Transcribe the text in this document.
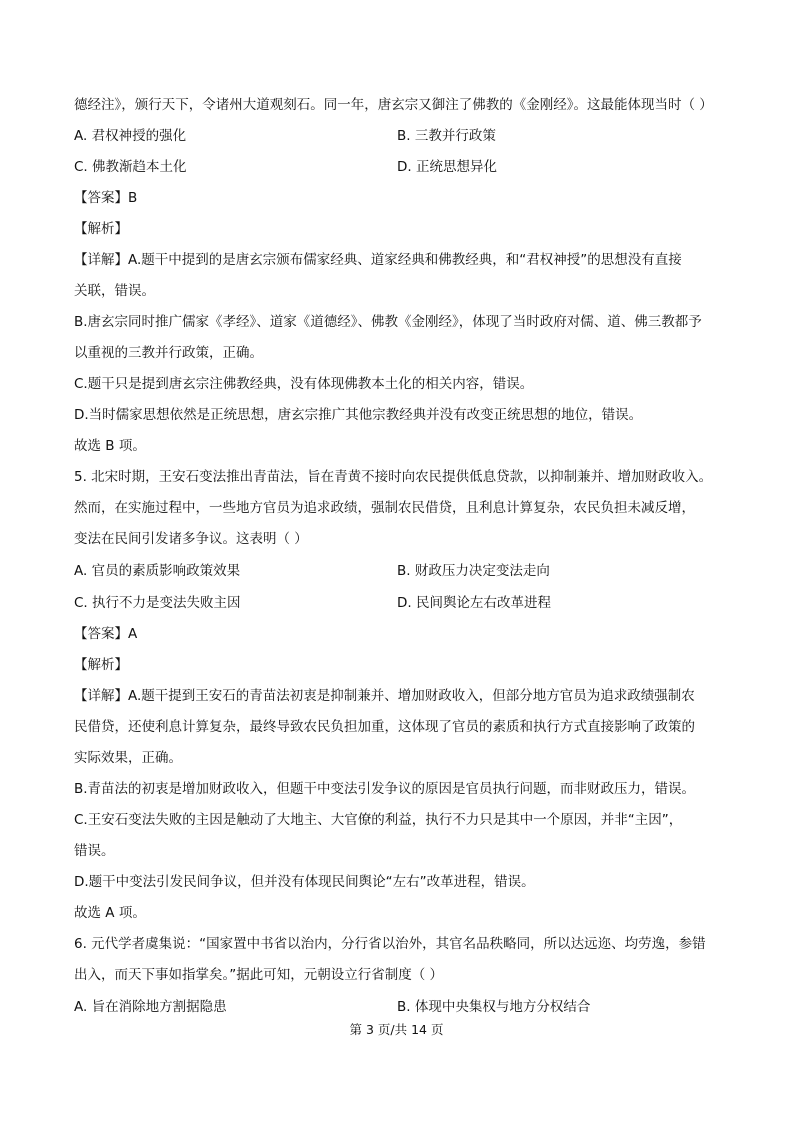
德经注》，颁行天下，令诸州大道观刻石。同一年，唐玄宗又御注了佛教的《金刚经》。这最能体现当时（ ）
A. 君权神授的强化	B. 三教并行政策
C. 佛教渐趋本土化	D. 正统思想异化
【答案】B
【解析】
【详解】A.题干中提到的是唐玄宗颁布儒家经典、道家经典和佛教经典，和“君权神授”的思想没有直接
关联，错误。
B.唐玄宗同时推广儒家《孝经》、道家《道德经》、佛教《金刚经》，体现了当时政府对儒、道、佛三教都予
以重视的三教并行政策，正确。
C.题干只是提到唐玄宗注佛教经典，没有体现佛教本土化的相关内容，错误。
D.当时儒家思想依然是正统思想，唐玄宗推广其他宗教经典并没有改变正统思想的地位，错误。
故选 B 项。
5. 北宋时期，王安石变法推出青苗法，旨在青黄不接时向农民提供低息贷款，以抑制兼并、增加财政收入。
然而，在实施过程中，一些地方官员为追求政绩，强制农民借贷，且利息计算复杂，农民负担未减反增，
变法在民间引发诸多争议。这表明（ ）
A. 官员的素质影响政策效果	B. 财政压力决定变法走向
C. 执行不力是变法失败主因	D. 民间舆论左右改革进程
【答案】A
【解析】
【详解】A.题干提到王安石的青苗法初衷是抑制兼并、增加财政收入，但部分地方官员为追求政绩强制农
民借贷，还使利息计算复杂，最终导致农民负担加重，这体现了官员的素质和执行方式直接影响了政策的
实际效果，正确。
B.青苗法的初衷是增加财政收入，但题干中变法引发争议的原因是官员执行问题，而非财政压力，错误。
C.王安石变法失败的主因是触动了大地主、大官僚的利益，执行不力只是其中一个原因，并非“主因”，
错误。
D.题干中变法引发民间争议，但并没有体现民间舆论“左右”改革进程，错误。
故选 A 项。
6. 元代学者虞集说：“国家置中书省以治内，分行省以治外，其官名品秩略同，所以达远迩、均劳逸，参错
出入，而天下事如指掌矣。”据此可知，元朝设立行省制度（ ）
A. 旨在消除地方割据隐患	B. 体现中央集权与地方分权结合
第 3 页/共 14 页
